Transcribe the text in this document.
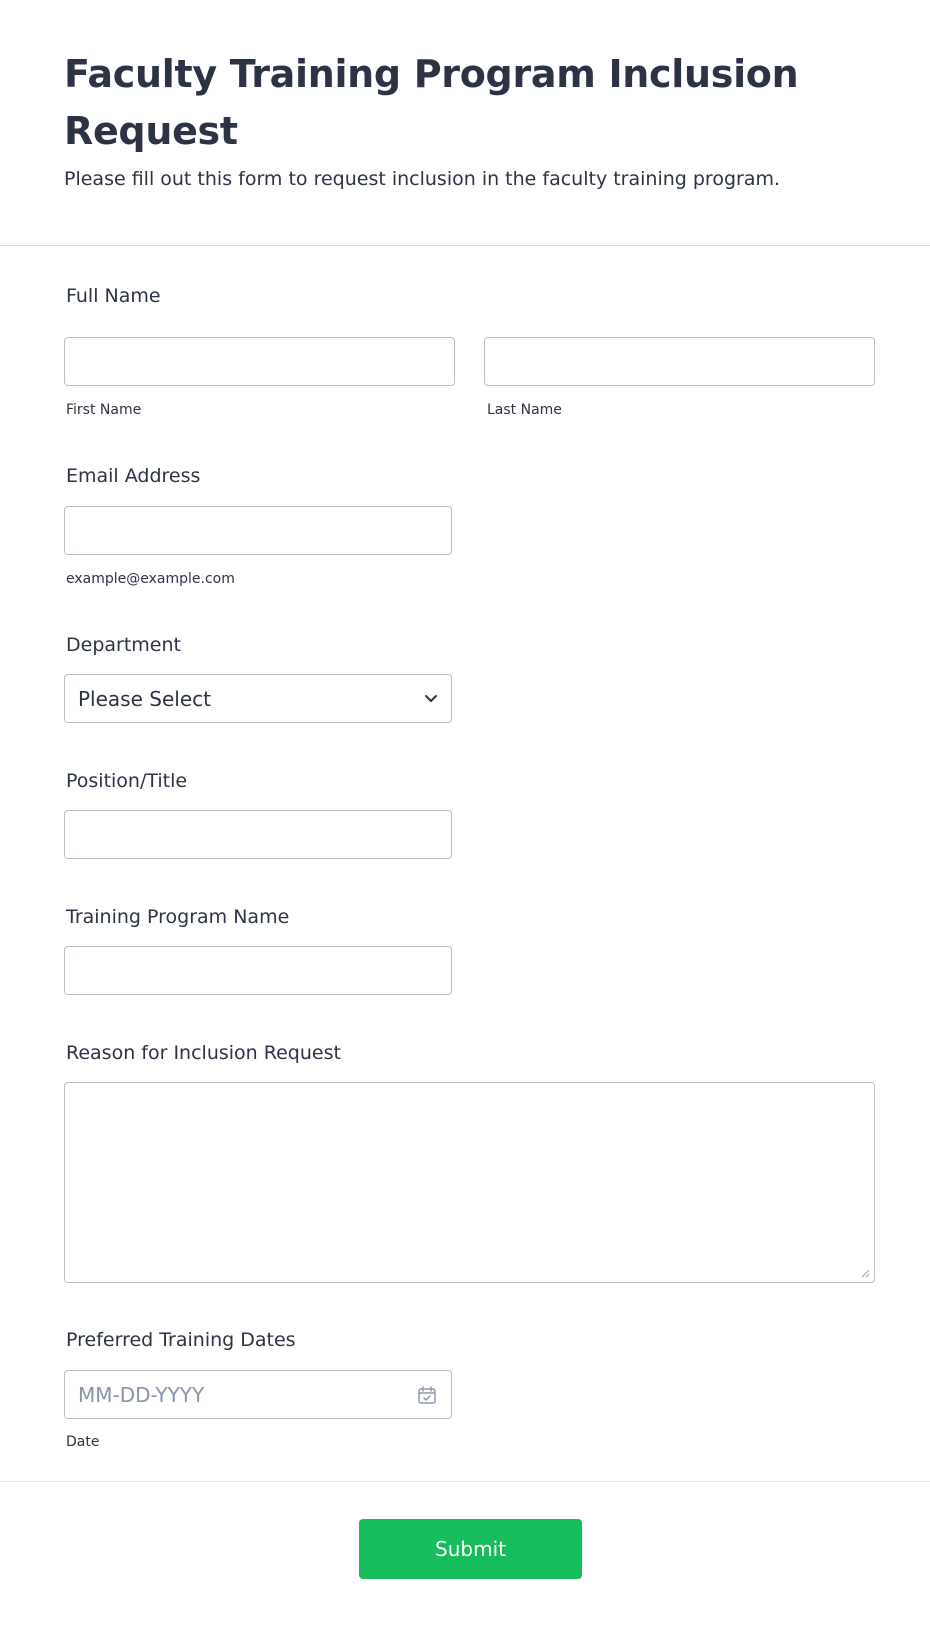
Faculty Training Program Inclusion Request

Please fill out this form to request inclusion in the faculty training program.

Full Name
First Name	Last Name
Email Address
example@example.com
Department
Please Select
Position/Title
Training Program Name
Reason for Inclusion Request
Preferred Training Dates
MM-DD-YYYY
Date
Submit
